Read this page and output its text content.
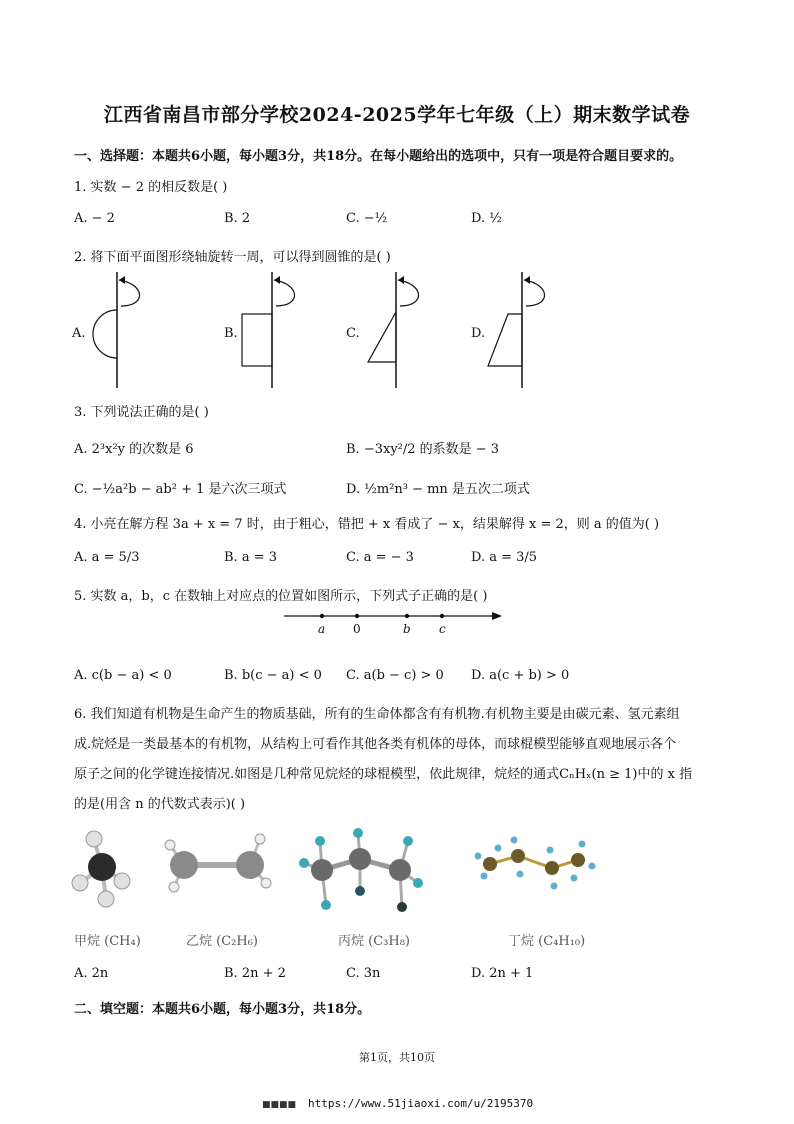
江西省南昌市部分学校2024-2025学年七年级（上）期末数学试卷
一、选择题：本题共6小题，每小题3分，共18分。在每小题给出的选项中，只有一项是符合题目要求的。
1. 实数 − 2 的相反数是( )
A. − 2	B. 2	C. −½	D. ½
2. 将下面平面图形绕轴旋转一周，可以得到圆锥的是( )
A.	B.	C.	D.
3. 下列说法正确的是( )
A. 2³x²y 的次数是 6	B. −3xy²/2 的系数是 − 3
C. −½a²b − ab² + 1 是六次三项式	D. ½m²n³ − mn 是五次二项式
4. 小亮在解方程 3a + x = 7 时，由于粗心，错把 + x 看成了 − x，结果解得 x = 2，则 a 的值为( )
A. a = 5/3	B. a = 3	C. a = − 3	D. a = 3/5
5. 实数 a，b，c 在数轴上对应点的位置如图所示，下列式子正确的是( )
a 0	b c
A. c(b − a) < 0	B. b(c − a) < 0 C. a(b − c) > 0 D. a(c + b) > 0
6. 我们知道有机物是生命产生的物质基础，所有的生命体都含有有机物.有机物主要是由碳元素、氢元素组
成.烷烃是一类最基本的有机物，从结构上可看作其他各类有机体的母体，而球棍模型能够直观地展示各个
原子之间的化学键连接情况.如图是几种常见烷烃的球棍模型，依此规律，烷烃的通式CₙHₓ(n ≥ 1)中的 x 指
的是(用含 n 的代数式表示)( )
甲烷 (CH₄)	乙烷 (C₂H₆)	丙烷 (C₃H₈)	丁烷 (C₄H₁₀)
A. 2n	B. 2n + 2	C. 3n	D. 2n + 1
二、填空题：本题共6小题，每小题3分，共18分。
第1页，共10页
■■■■ https://www.51jiaoxi.com/u/2195370
